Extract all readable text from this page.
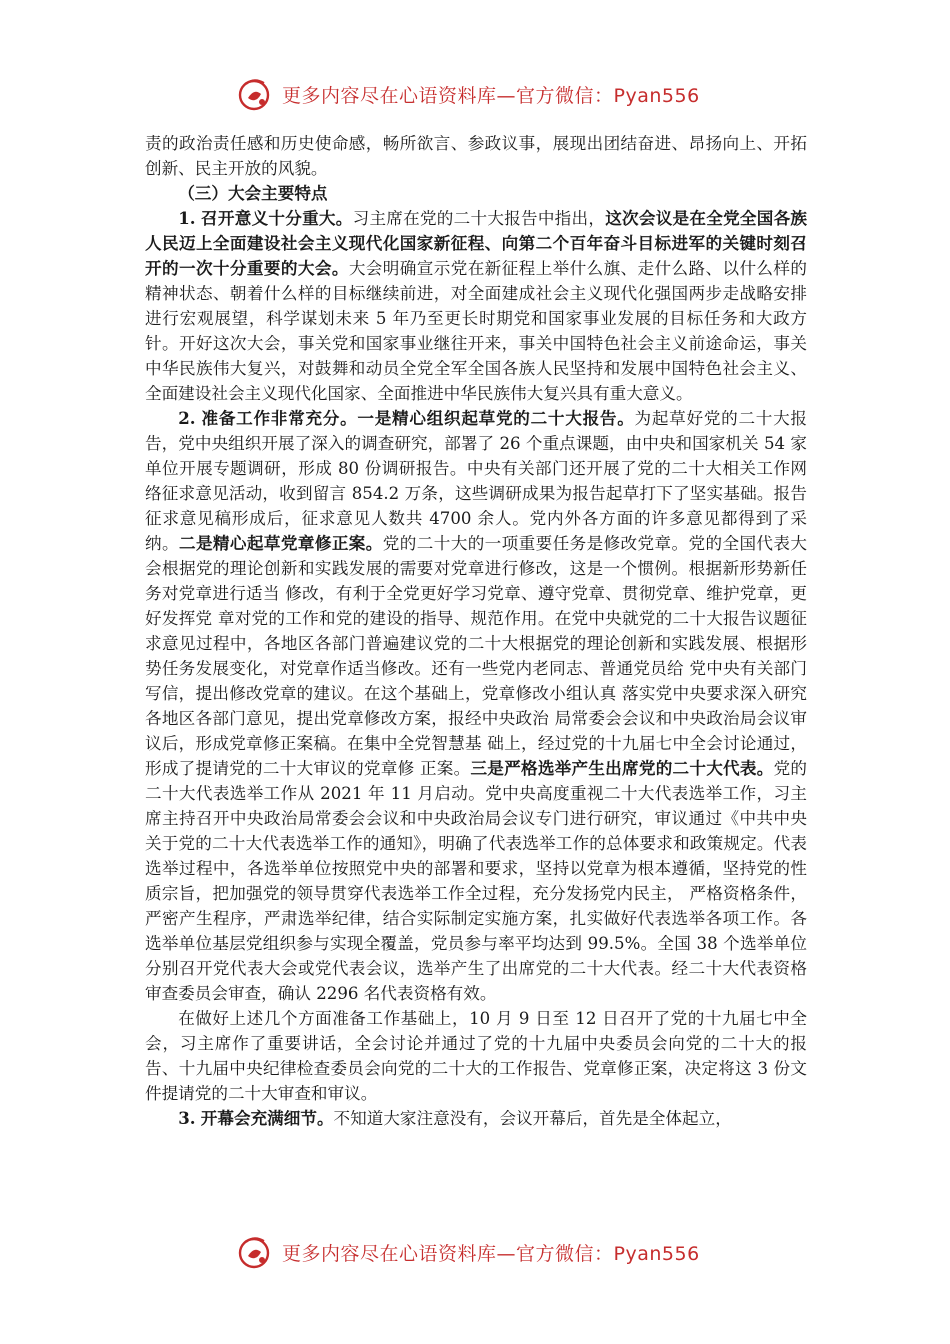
更多内容尽在心语资料库—官方微信：Pyan556

责的政治责任感和历史使命感，畅所欲言、参政议事，展现出团结奋进、昂扬向上、开拓创新、民主开放的风貌。

（三）大会主要特点

1. 召开意义十分重大。习主席在党的二十大报告中指出，这次会议是在全党全国各族人民迈上全面建设社会主义现代化国家新征程、向第二个百年奋斗目标进军的关键时刻召开的一次十分重要的大会。大会明确宣示党在新征程上举什么旗、走什么路、以什么样的精神状态、朝着什么样的目标继续前进，对全面建成社会主义现代化强国两步走战略安排进行宏观展望，科学谋划未来 5 年乃至更长时期党和国家事业发展的目标任务和大政方针。开好这次大会，事关党和国家事业继往开来，事关中国特色社会主义前途命运，事关中华民族伟大复兴，对鼓舞和动员全党全军全国各族人民坚持和发展中国特色社会主义、全面建设社会主义现代化国家、全面推进中华民族伟大复兴具有重大意义。

2. 准备工作非常充分。一是精心组织起草党的二十大报告。为起草好党的二十大报告，党中央组织开展了深入的调查研究，部署了 26 个重点课题，由中央和国家机关 54 家单位开展专题调研，形成 80 份调研报告。中央有关部门还开展了党的二十大相关工作网络征求意见活动，收到留言 854.2 万条，这些调研成果为报告起草打下了坚实基础。报告征求意见稿形成后，征求意见人数共 4700 余人。党内外各方面的许多意见都得到了采纳。二是精心起草党章修正案。党的二十大的一项重要任务是修改党章。党的全国代表大会根据党的理论创新和实践发展的需要对党章进行修改，这是一个惯例。根据新形势新任务对党章进行适当 修改，有利于全党更好学习党章、遵守党章、贯彻党章、维护党章，更好发挥党 章对党的工作和党的建设的指导、规范作用。在党中央就党的二十大报告议题征 求意见过程中，各地区各部门普遍建议党的二十大根据党的理论创新和实践发展、根据形势任务发展变化，对党章作适当修改。还有一些党内老同志、普通党员给 党中央有关部门写信，提出修改党章的建议。在这个基础上，党章修改小组认真 落实党中央要求深入研究各地区各部门意见，提出党章修改方案，报经中央政治 局常委会会议和中央政治局会议审议后，形成党章修正案稿。在集中全党智慧基 础上，经过党的十九届七中全会讨论通过，形成了提请党的二十大审议的党章修 正案。三是严格选举产生出席党的二十大代表。党的二十大代表选举工作从 2021 年 11 月启动。党中央高度重视二十大代表选举工作，习主席主持召开中央政治局常委会会议和中央政治局会议专门进行研究，审议通过《中共中央关于党的二十大代表选举工作的通知》，明确了代表选举工作的总体要求和政策规定。代表选举过程中，各选举单位按照党中央的部署和要求，坚持以党章为根本遵循，坚持党的性质宗旨，把加强党的领导贯穿代表选举工作全过程，充分发扬党内民主， 严格资格条件，严密产生程序，严肃选举纪律，结合实际制定实施方案，扎实做好代表选举各项工作。各选举单位基层党组织参与实现全覆盖，党员参与率平均达到 99.5%。全国 38 个选举单位分别召开党代表大会或党代表会议，选举产生了出席党的二十大代表。经二十大代表资格审查委员会审查，确认 2296 名代表资格有效。

在做好上述几个方面准备工作基础上，10 月 9 日至 12 日召开了党的十九届七中全会，习主席作了重要讲话，全会讨论并通过了党的十九届中央委员会向党的二十大的报告、十九届中央纪律检查委员会向党的二十大的工作报告、党章修正案，决定将这 3 份文件提请党的二十大审查和审议。

3. 开幕会充满细节。不知道大家注意没有，会议开幕后，首先是全体起立，

更多内容尽在心语资料库—官方微信：Pyan556
